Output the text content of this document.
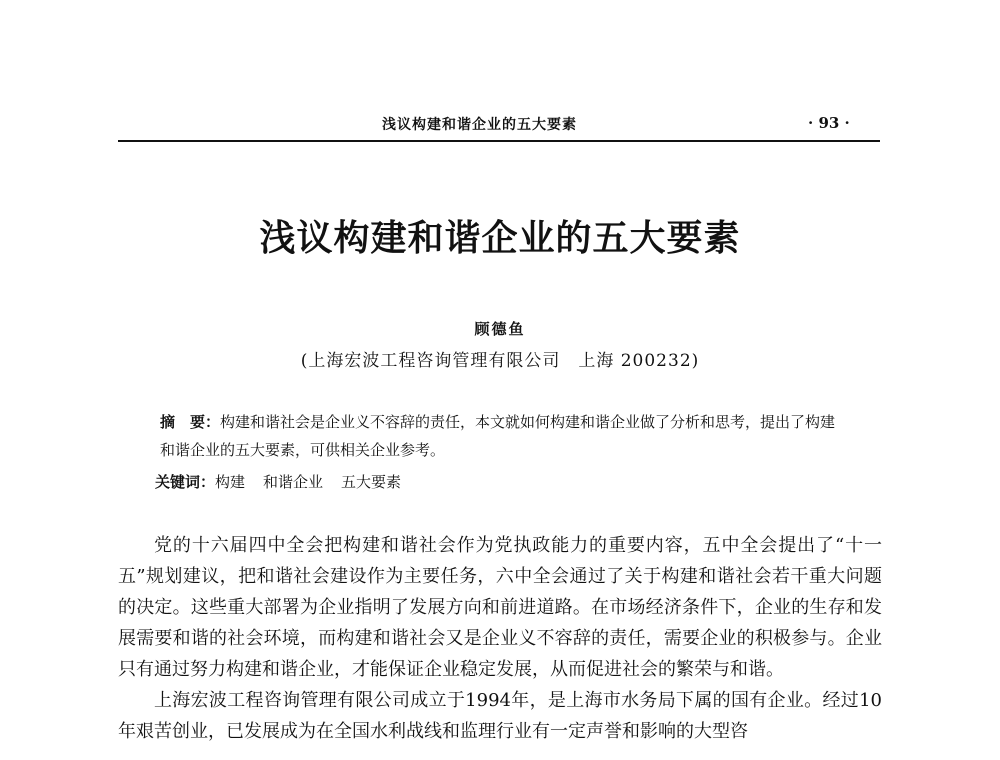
浅议构建和谐企业的五大要素	· 93 ·
浅议构建和谐企业的五大要素
顾德鱼
(上海宏波工程咨询管理有限公司　上海 200232)
摘　要：构建和谐社会是企业义不容辞的责任，本文就如何构建和谐企业做了分析和思考，提出了构建和谐企业的五大要素，可供相关企业参考。
关键词：构建 和谐企业 五大要素

党的十六届四中全会把构建和谐社会作为党执政能力的重要内容，五中全会提出了“十一五”规划建议，把和谐社会建设作为主要任务，六中全会通过了关于构建和谐社会若干重大问题的决定。这些重大部署为企业指明了发展方向和前进道路。在市场经济条件下，企业的生存和发展需要和谐的社会环境，而构建和谐社会又是企业义不容辞的责任，需要企业的积极参与。企业只有通过努力构建和谐企业，才能保证企业稳定发展，从而促进社会的繁荣与和谐。

上海宏波工程咨询管理有限公司成立于1994年，是上海市水务局下属的国有企业。经过10年艰苦创业，已发展成为在全国水利战线和监理行业有一定声誉和影响的大型咨
